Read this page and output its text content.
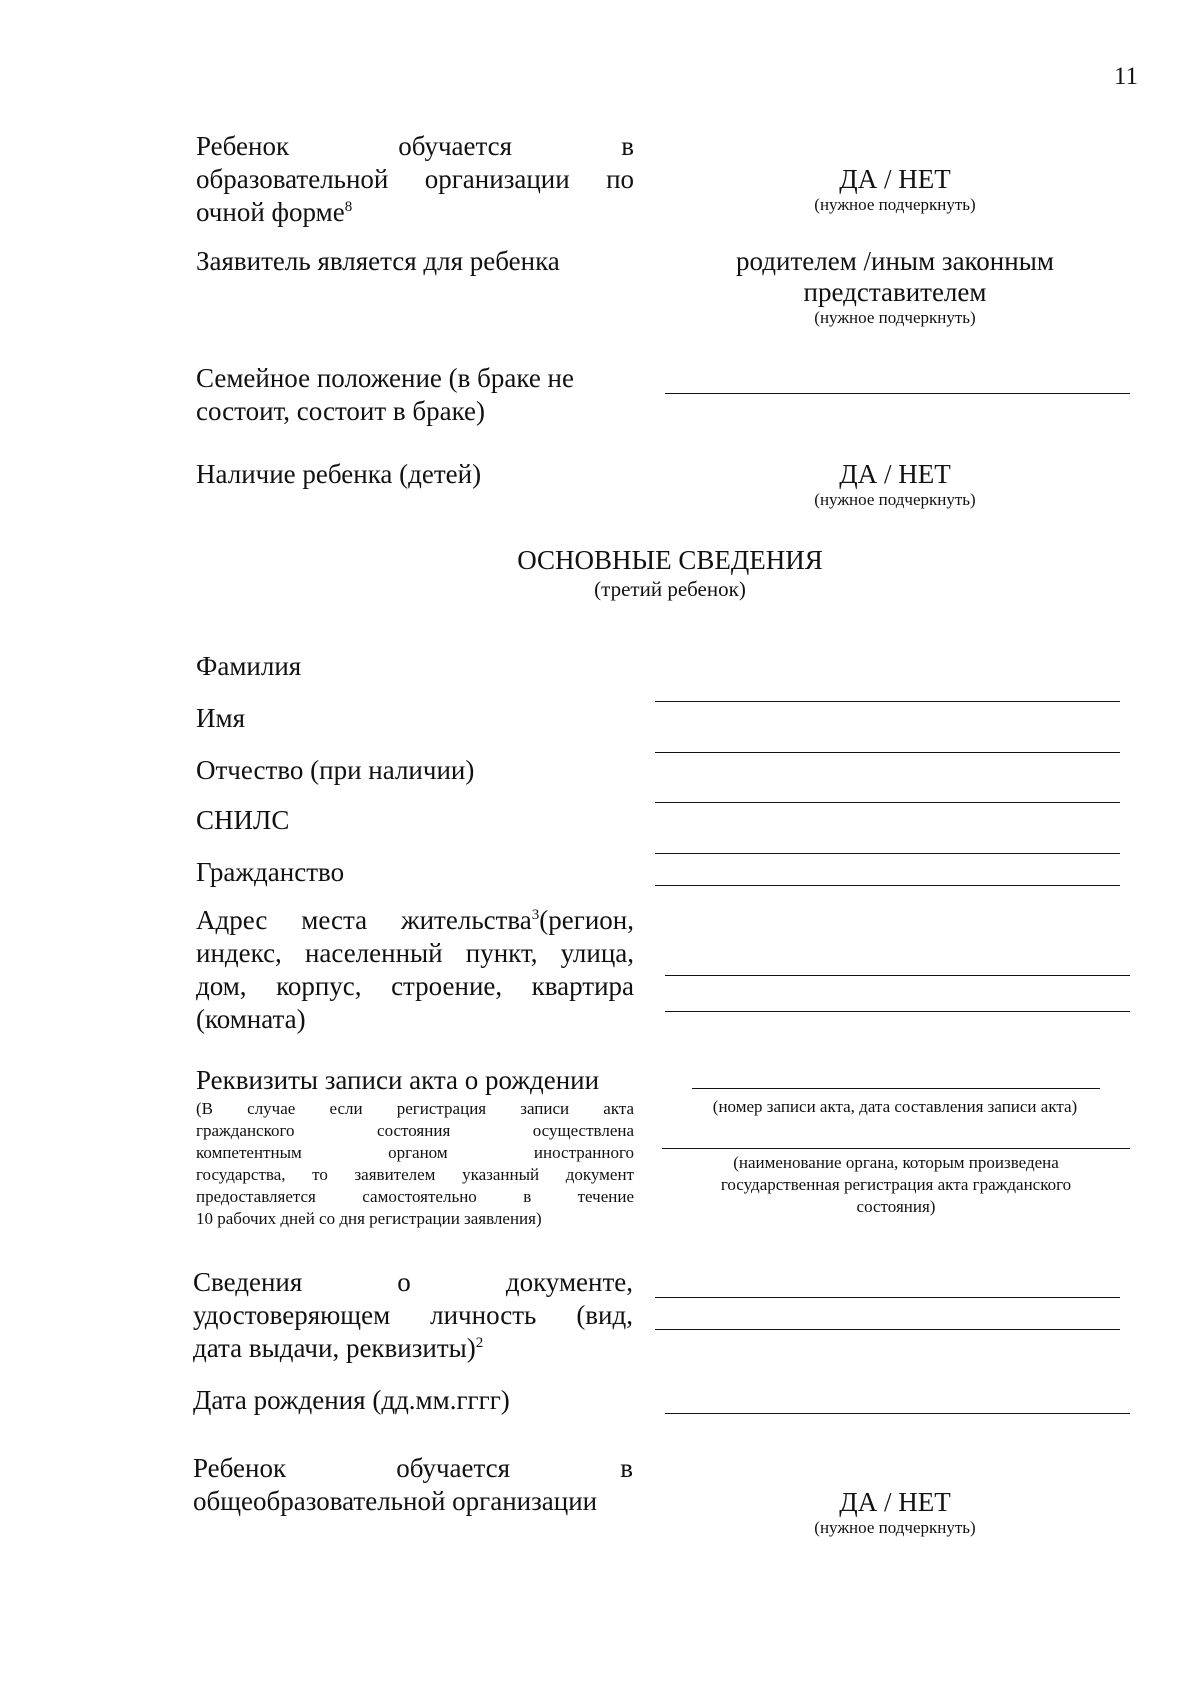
11
Ребенок	обучается	в
образовательной организации по
очной форме$^8$
ДА / НЕТ
(нужное подчеркнуть)
Заявитель является для ребенка	родителем /иным законным
представителем
(нужное подчеркнуть)
Семейное положение (в браке не
состоит, состоит в браке)
Наличие ребенка (детей)	ДА / НЕТ
(нужное подчеркнуть)
ОСНОВНЫЕ СВЕДЕНИЯ
(третий ребенок)
Фамилия
Имя
Отчество (при наличии)
СНИЛС
Гражданство
Адрес места жительства$^3$(регион,
индекс, населенный пункт, улица,
дом, корпус, строение, квартира
(комната)
Реквизиты записи акта о рождении
(В случае если регистрация записи акта
гражданского	состояния	осуществлена
компетентным	органом	иностранного
государства, то заявителем указанный документ
предоставляется	самостоятельно	в	течение
10 рабочих дней со дня регистрации заявления)
(номер записи акта, дата составления записи акта)
(наименование органа, которым произведена
государственная регистрация акта гражданского
состояния)
Сведения	о	документе,
удостоверяющем личность (вид,
дата выдачи, реквизиты)$^2$
Дата рождения (дд.мм.гггг)
Ребенок	обучается	в
общеобразовательной организации	ДА / НЕТ
(нужное подчеркнуть)
